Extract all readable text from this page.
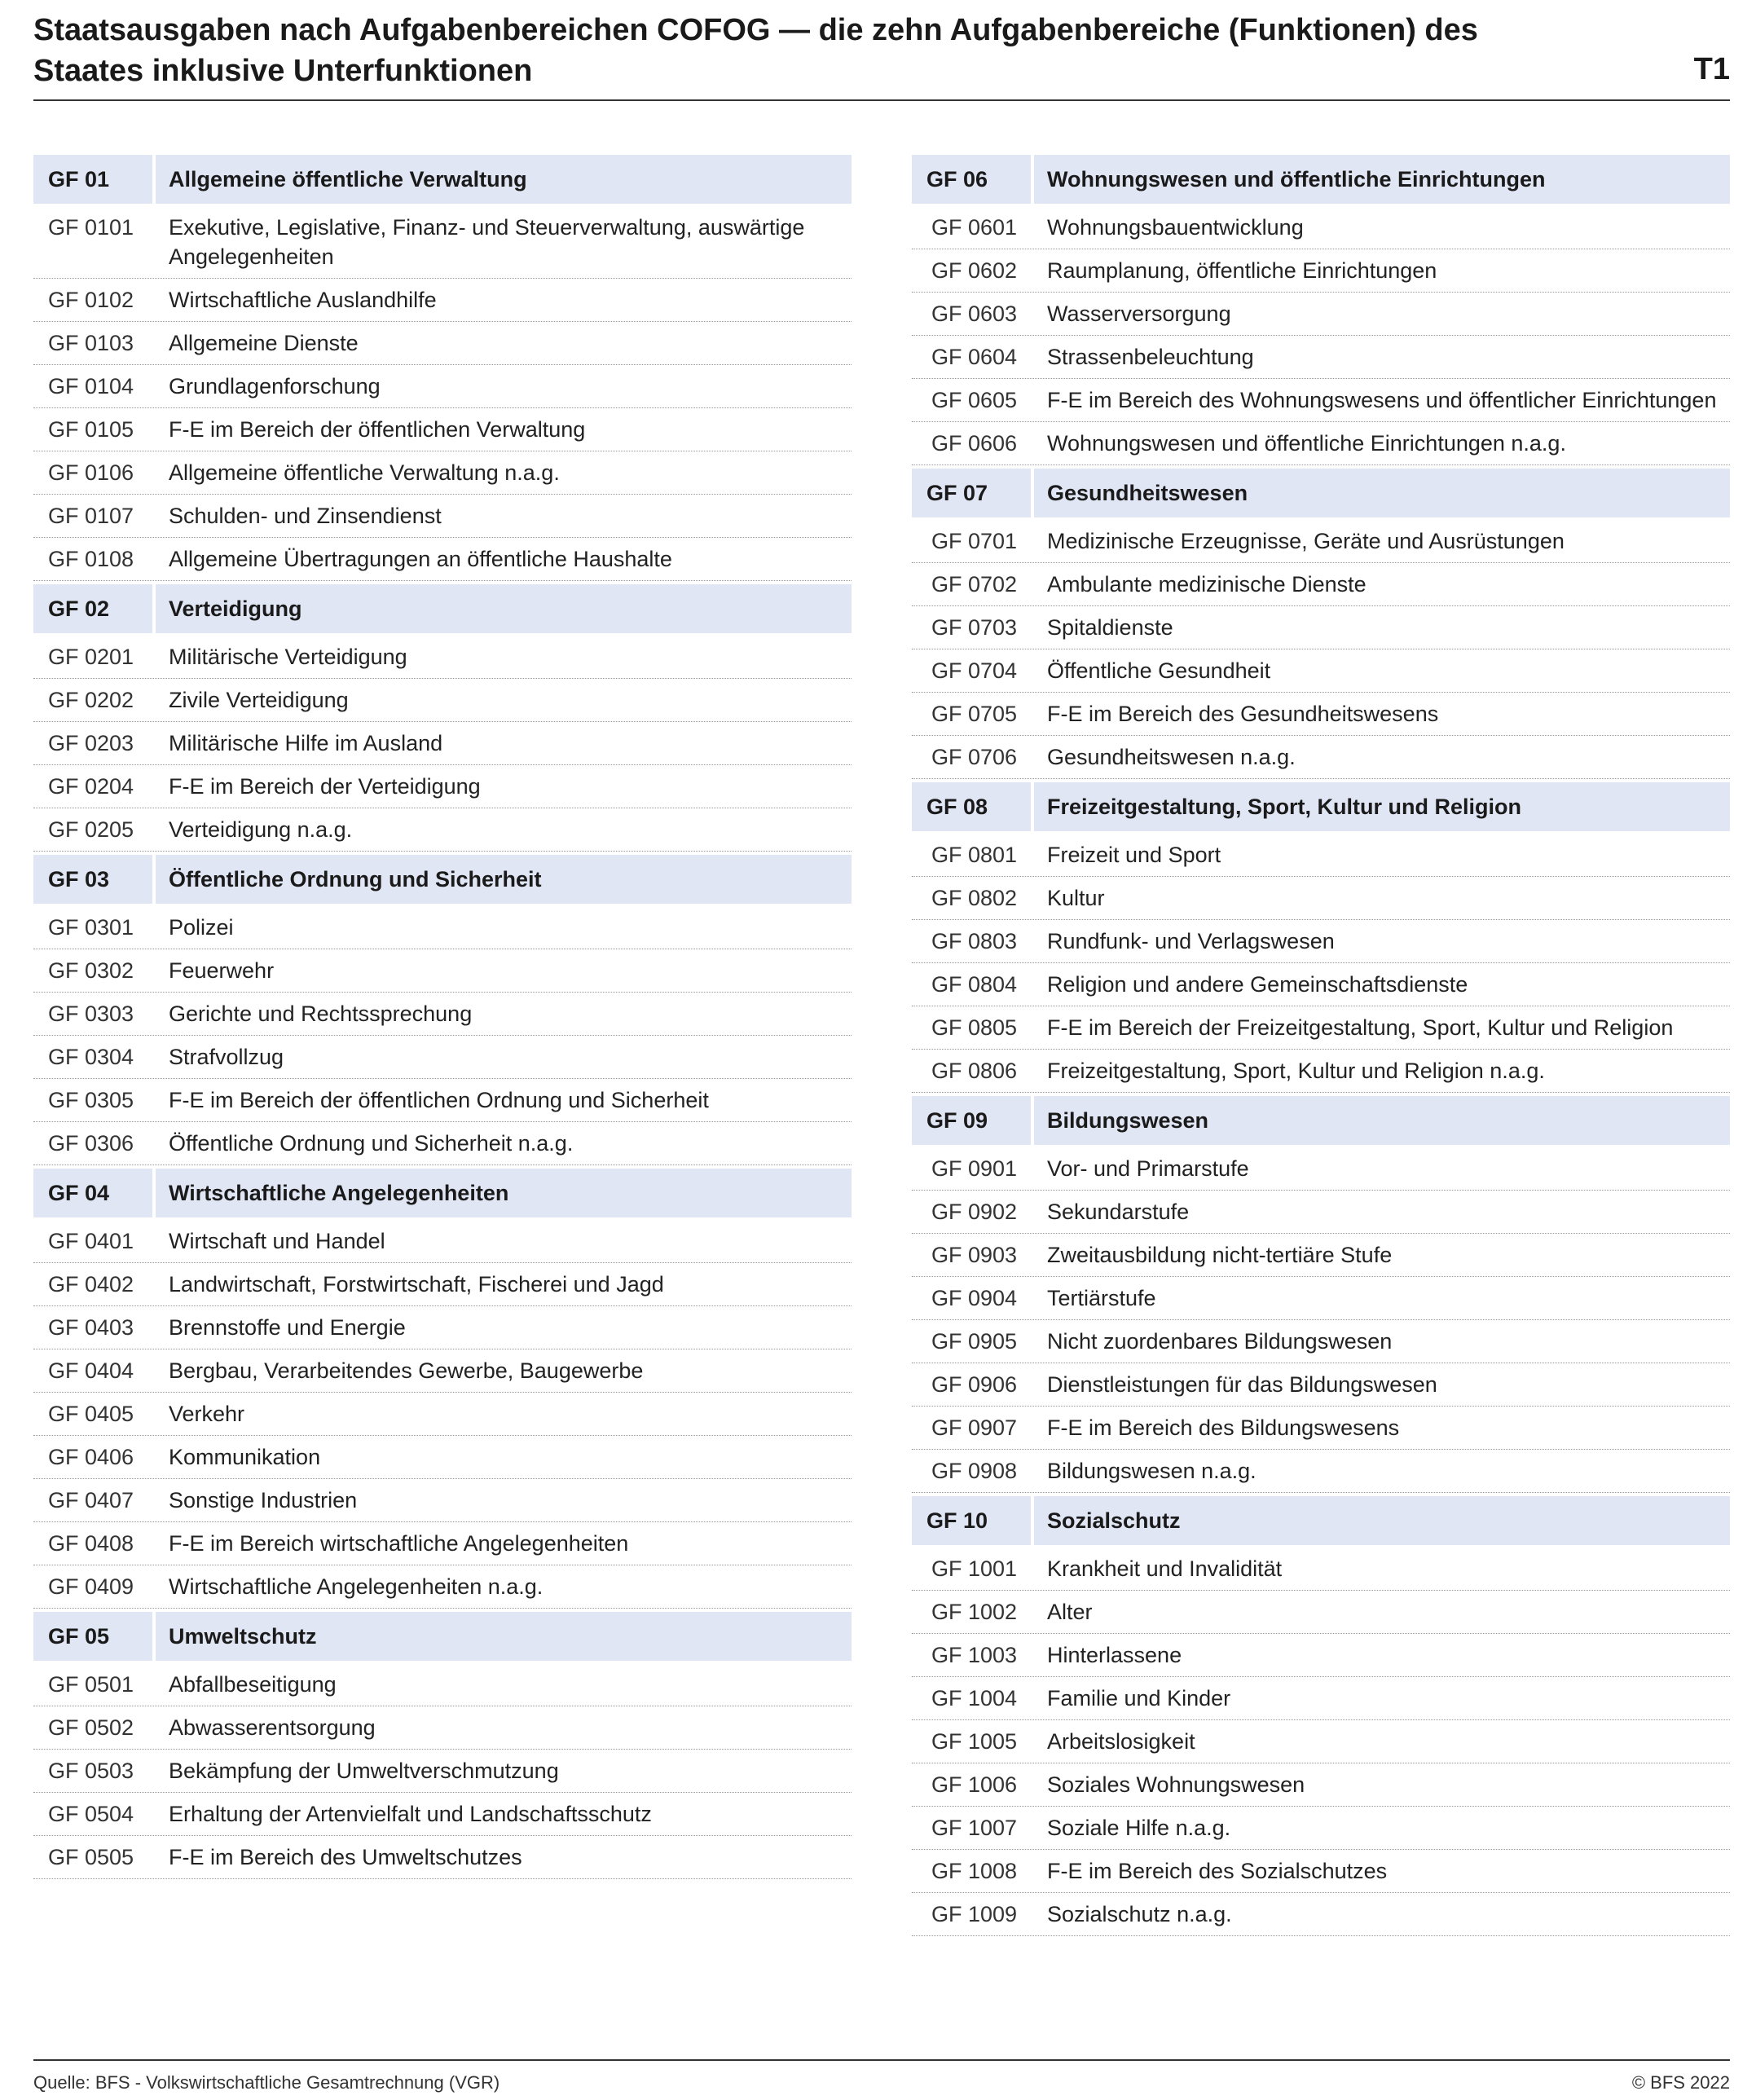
Staatsausgaben nach Aufgabenbereichen COFOG — die zehn Aufgabenbereiche (Funktionen) des Staates inklusive Unterfunktionen	T1
GF 01	Allgemeine öffentliche Verwaltung
GF 0101	Exekutive, Legislative, Finanz- und Steuerverwaltung, auswärtige Angelegenheiten
GF 0102	Wirtschaftliche Auslandhilfe
GF 0103	Allgemeine Dienste
GF 0104	Grundlagenforschung
GF 0105	F-E im Bereich der öffentlichen Verwaltung
GF 0106	Allgemeine öffentliche Verwaltung n.a.g.
GF 0107	Schulden- und Zinsendienst
GF 0108	Allgemeine Übertragungen an öffentliche Haushalte
GF 02	Verteidigung
GF 0201	Militärische Verteidigung
GF 0202	Zivile Verteidigung
GF 0203	Militärische Hilfe im Ausland
GF 0204	F-E im Bereich der Verteidigung
GF 0205	Verteidigung n.a.g.
GF 03	Öffentliche Ordnung und Sicherheit
GF 0301	Polizei
GF 0302	Feuerwehr
GF 0303	Gerichte und Rechtssprechung
GF 0304	Strafvollzug
GF 0305	F-E im Bereich der öffentlichen Ordnung und Sicherheit
GF 0306	Öffentliche Ordnung und Sicherheit n.a.g.
GF 04	Wirtschaftliche Angelegenheiten
GF 0401	Wirtschaft und Handel
GF 0402	Landwirtschaft, Forstwirtschaft, Fischerei und Jagd
GF 0403	Brennstoffe und Energie
GF 0404	Bergbau, Verarbeitendes Gewerbe, Baugewerbe
GF 0405	Verkehr
GF 0406	Kommunikation
GF 0407	Sonstige Industrien
GF 0408	F-E im Bereich wirtschaftliche Angelegenheiten
GF 0409	Wirtschaftliche Angelegenheiten n.a.g.
GF 05	Umweltschutz
GF 0501	Abfallbeseitigung
GF 0502	Abwasserentsorgung
GF 0503	Bekämpfung der Umweltverschmutzung
GF 0504	Erhaltung der Artenvielfalt und Landschaftsschutz
GF 0505	F-E im Bereich des Umweltschutzes
GF 06	Wohnungswesen und öffentliche Einrichtungen
GF 0601	Wohnungsbauentwicklung
GF 0602	Raumplanung, öffentliche Einrichtungen
GF 0603	Wasserversorgung
GF 0604	Strassenbeleuchtung
GF 0605	F-E im Bereich des Wohnungswesens und öffentlicher Einrichtungen
GF 0606	Wohnungswesen und öffentliche Einrichtungen n.a.g.
GF 07	Gesundheitswesen
GF 0701	Medizinische Erzeugnisse, Geräte und Ausrüstungen
GF 0702	Ambulante medizinische Dienste
GF 0703	Spitaldienste
GF 0704	Öffentliche Gesundheit
GF 0705	F-E im Bereich des Gesundheitswesens
GF 0706	Gesundheitswesen n.a.g.
GF 08	Freizeitgestaltung, Sport, Kultur und Religion
GF 0801	Freizeit und Sport
GF 0802	Kultur
GF 0803	Rundfunk- und Verlagswesen
GF 0804	Religion und andere Gemeinschaftsdienste
GF 0805	F-E im Bereich der Freizeitgestaltung, Sport, Kultur und Religion
GF 0806	Freizeitgestaltung, Sport, Kultur und Religion n.a.g.
GF 09	Bildungswesen
GF 0901	Vor- und Primarstufe
GF 0902	Sekundarstufe
GF 0903	Zweitausbildung nicht-tertiäre Stufe
GF 0904	Tertiärstufe
GF 0905	Nicht zuordenbares Bildungswesen
GF 0906	Dienstleistungen für das Bildungswesen
GF 0907	F-E im Bereich des Bildungswesens
GF 0908	Bildungswesen n.a.g.
GF 10	Sozialschutz
GF 1001	Krankheit und Invalidität
GF 1002	Alter
GF 1003	Hinterlassene
GF 1004	Familie und Kinder
GF 1005	Arbeitslosigkeit
GF 1006	Soziales Wohnungswesen
GF 1007	Soziale Hilfe n.a.g.
GF 1008	F-E im Bereich des Sozialschutzes
GF 1009	Sozialschutz n.a.g.
Quelle: BFS - Volkswirtschaftliche Gesamtrechnung (VGR)	© BFS 2022
